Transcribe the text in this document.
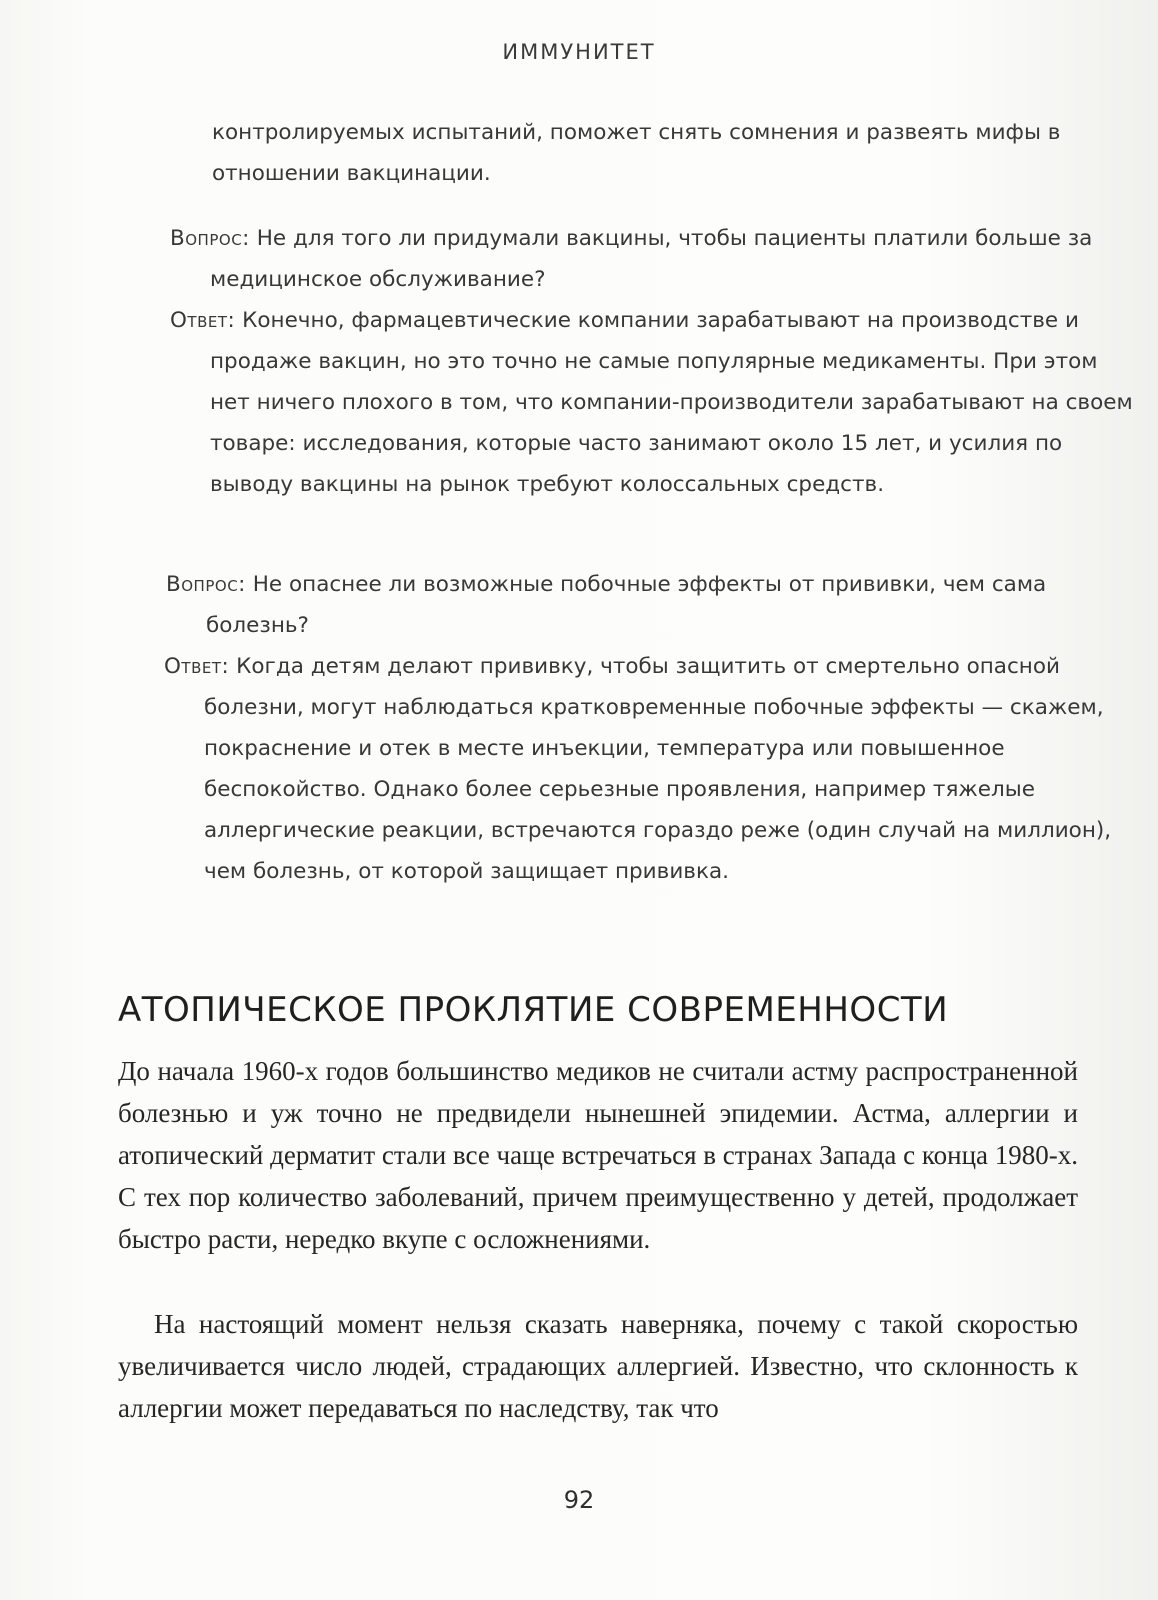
ИММУНИТЕТ

контролируемых испытаний, поможет снять сомнения и развеять мифы в отношении вакцинации.

Вопрос: Не для того ли придумали вакцины, чтобы пациенты платили больше за медицинское обслуживание?

Ответ: Конечно, фармацевтические компании зарабатывают на производстве и продаже вакцин, но это точно не самые популярные медикаменты. При этом нет ничего плохого в том, что компании-производители зарабатывают на своем товаре: исследования, которые часто занимают около 15 лет, и усилия по выводу вакцины на рынок требуют колоссальных средств.

Вопрос: Не опаснее ли возможные побочные эффекты от прививки, чем сама болезнь?

Ответ: Когда детям делают прививку, чтобы защитить от смертельно опасной болезни, могут наблюдаться кратковременные побочные эффекты — скажем, покраснение и отек в месте инъекции, температура или повышенное беспокойство. Однако более серьезные проявления, например тяжелые аллергические реакции, встречаются гораздо реже (один случай на миллион), чем болезнь, от которой защищает прививка.

АТОПИЧЕСКОЕ ПРОКЛЯТИЕ СОВРЕМЕННОСТИ

До начала 1960-х годов большинство медиков не считали астму распространенной болезнью и уж точно не предвидели нынешней эпидемии. Астма, аллергии и атопический дерматит стали все чаще встречаться в странах Запада с конца 1980-х. С тех пор количество заболеваний, причем преимущественно у детей, продолжает быстро расти, нередко вкупе с осложнениями.

На настоящий момент нельзя сказать наверняка, почему с такой скоростью увеличивается число людей, страдающих аллергией. Известно, что склонность к аллергии может передаваться по наследству, так что

92
